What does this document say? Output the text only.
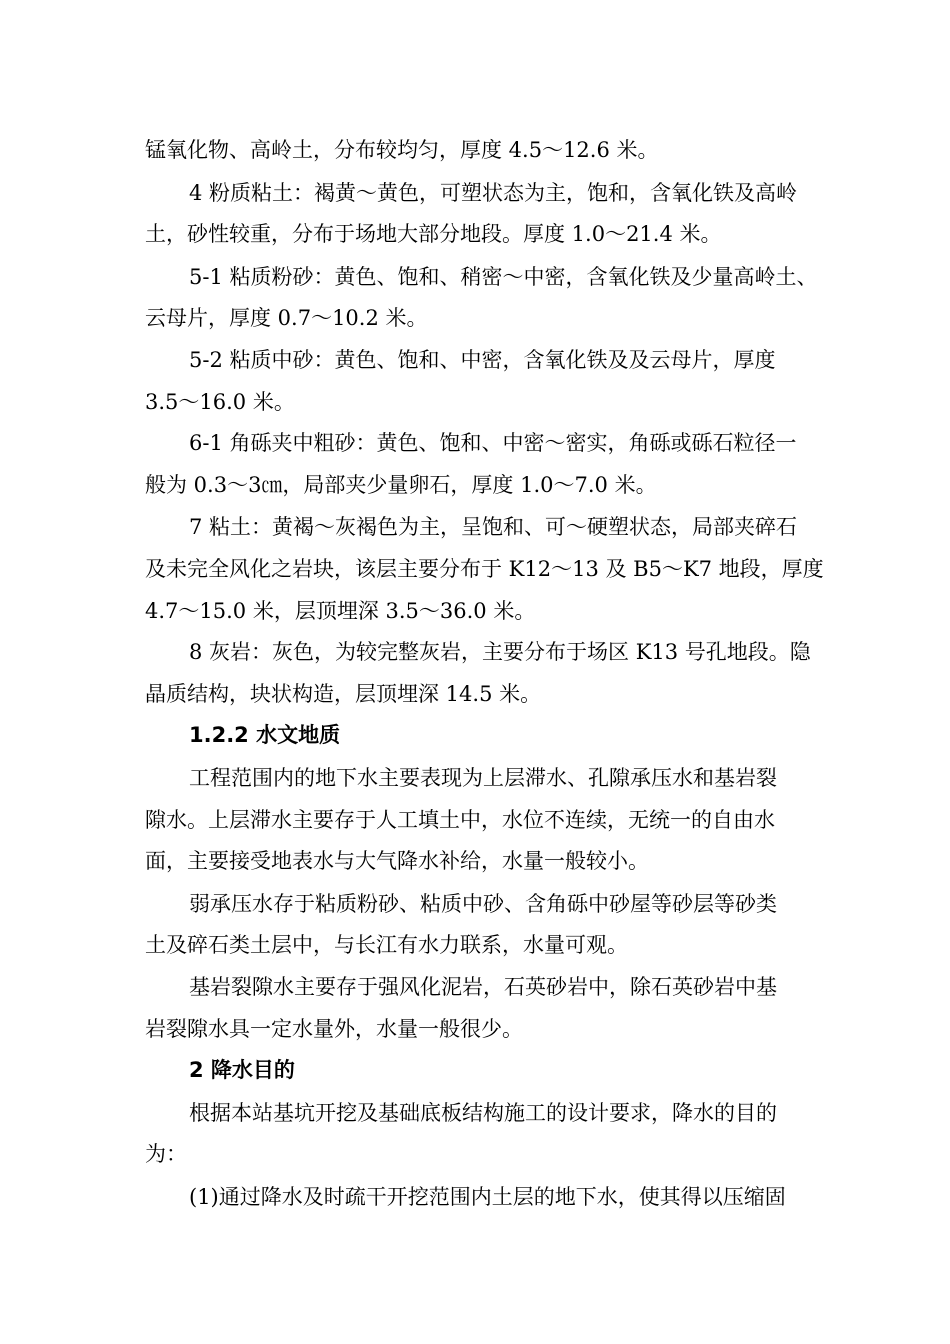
锰氧化物、高岭土，分布较均匀，厚度 4.5～12.6 米。

4 粉质粘土：褐黄～黄色，可塑状态为主，饱和，含氧化铁及高岭

土，砂性较重，分布于场地大部分地段。厚度 1.0～21.4 米。

5-1 粘质粉砂：黄色、饱和、稍密～中密，含氧化铁及少量高岭土、

云母片，厚度 0.7～10.2 米。

5-2 粘质中砂：黄色、饱和、中密，含氧化铁及及云母片，厚度

3.5～16.0 米。

6-1 角砾夹中粗砂：黄色、饱和、中密～密实，角砾或砾石粒径一

般为 0.3～3㎝，局部夹少量卵石，厚度 1.0～7.0 米。

7 粘土：黄褐～灰褐色为主，呈饱和、可～硬塑状态，局部夹碎石

及未完全风化之岩块，该层主要分布于 K12～13 及 B5～K7 地段，厚度

4.7～15.0 米，层顶埋深 3.5～36.0 米。

8 灰岩：灰色，为较完整灰岩，主要分布于场区 K13 号孔地段。隐

晶质结构，块状构造，层顶埋深 14.5 米。

1.2.2 水文地质

工程范围内的地下水主要表现为上层滞水、孔隙承压水和基岩裂

隙水。上层滞水主要存于人工填土中，水位不连续，无统一的自由水

面，主要接受地表水与大气降水补给，水量一般较小。

弱承压水存于粘质粉砂、粘质中砂、含角砾中砂屋等砂层等砂类

土及碎石类土层中，与长江有水力联系，水量可观。

基岩裂隙水主要存于强风化泥岩，石英砂岩中，除石英砂岩中基

岩裂隙水具一定水量外，水量一般很少。

2 降水目的

根据本站基坑开挖及基础底板结构施工的设计要求，降水的目的

为：

(1)通过降水及时疏干开挖范围内土层的地下水，使其得以压缩固
